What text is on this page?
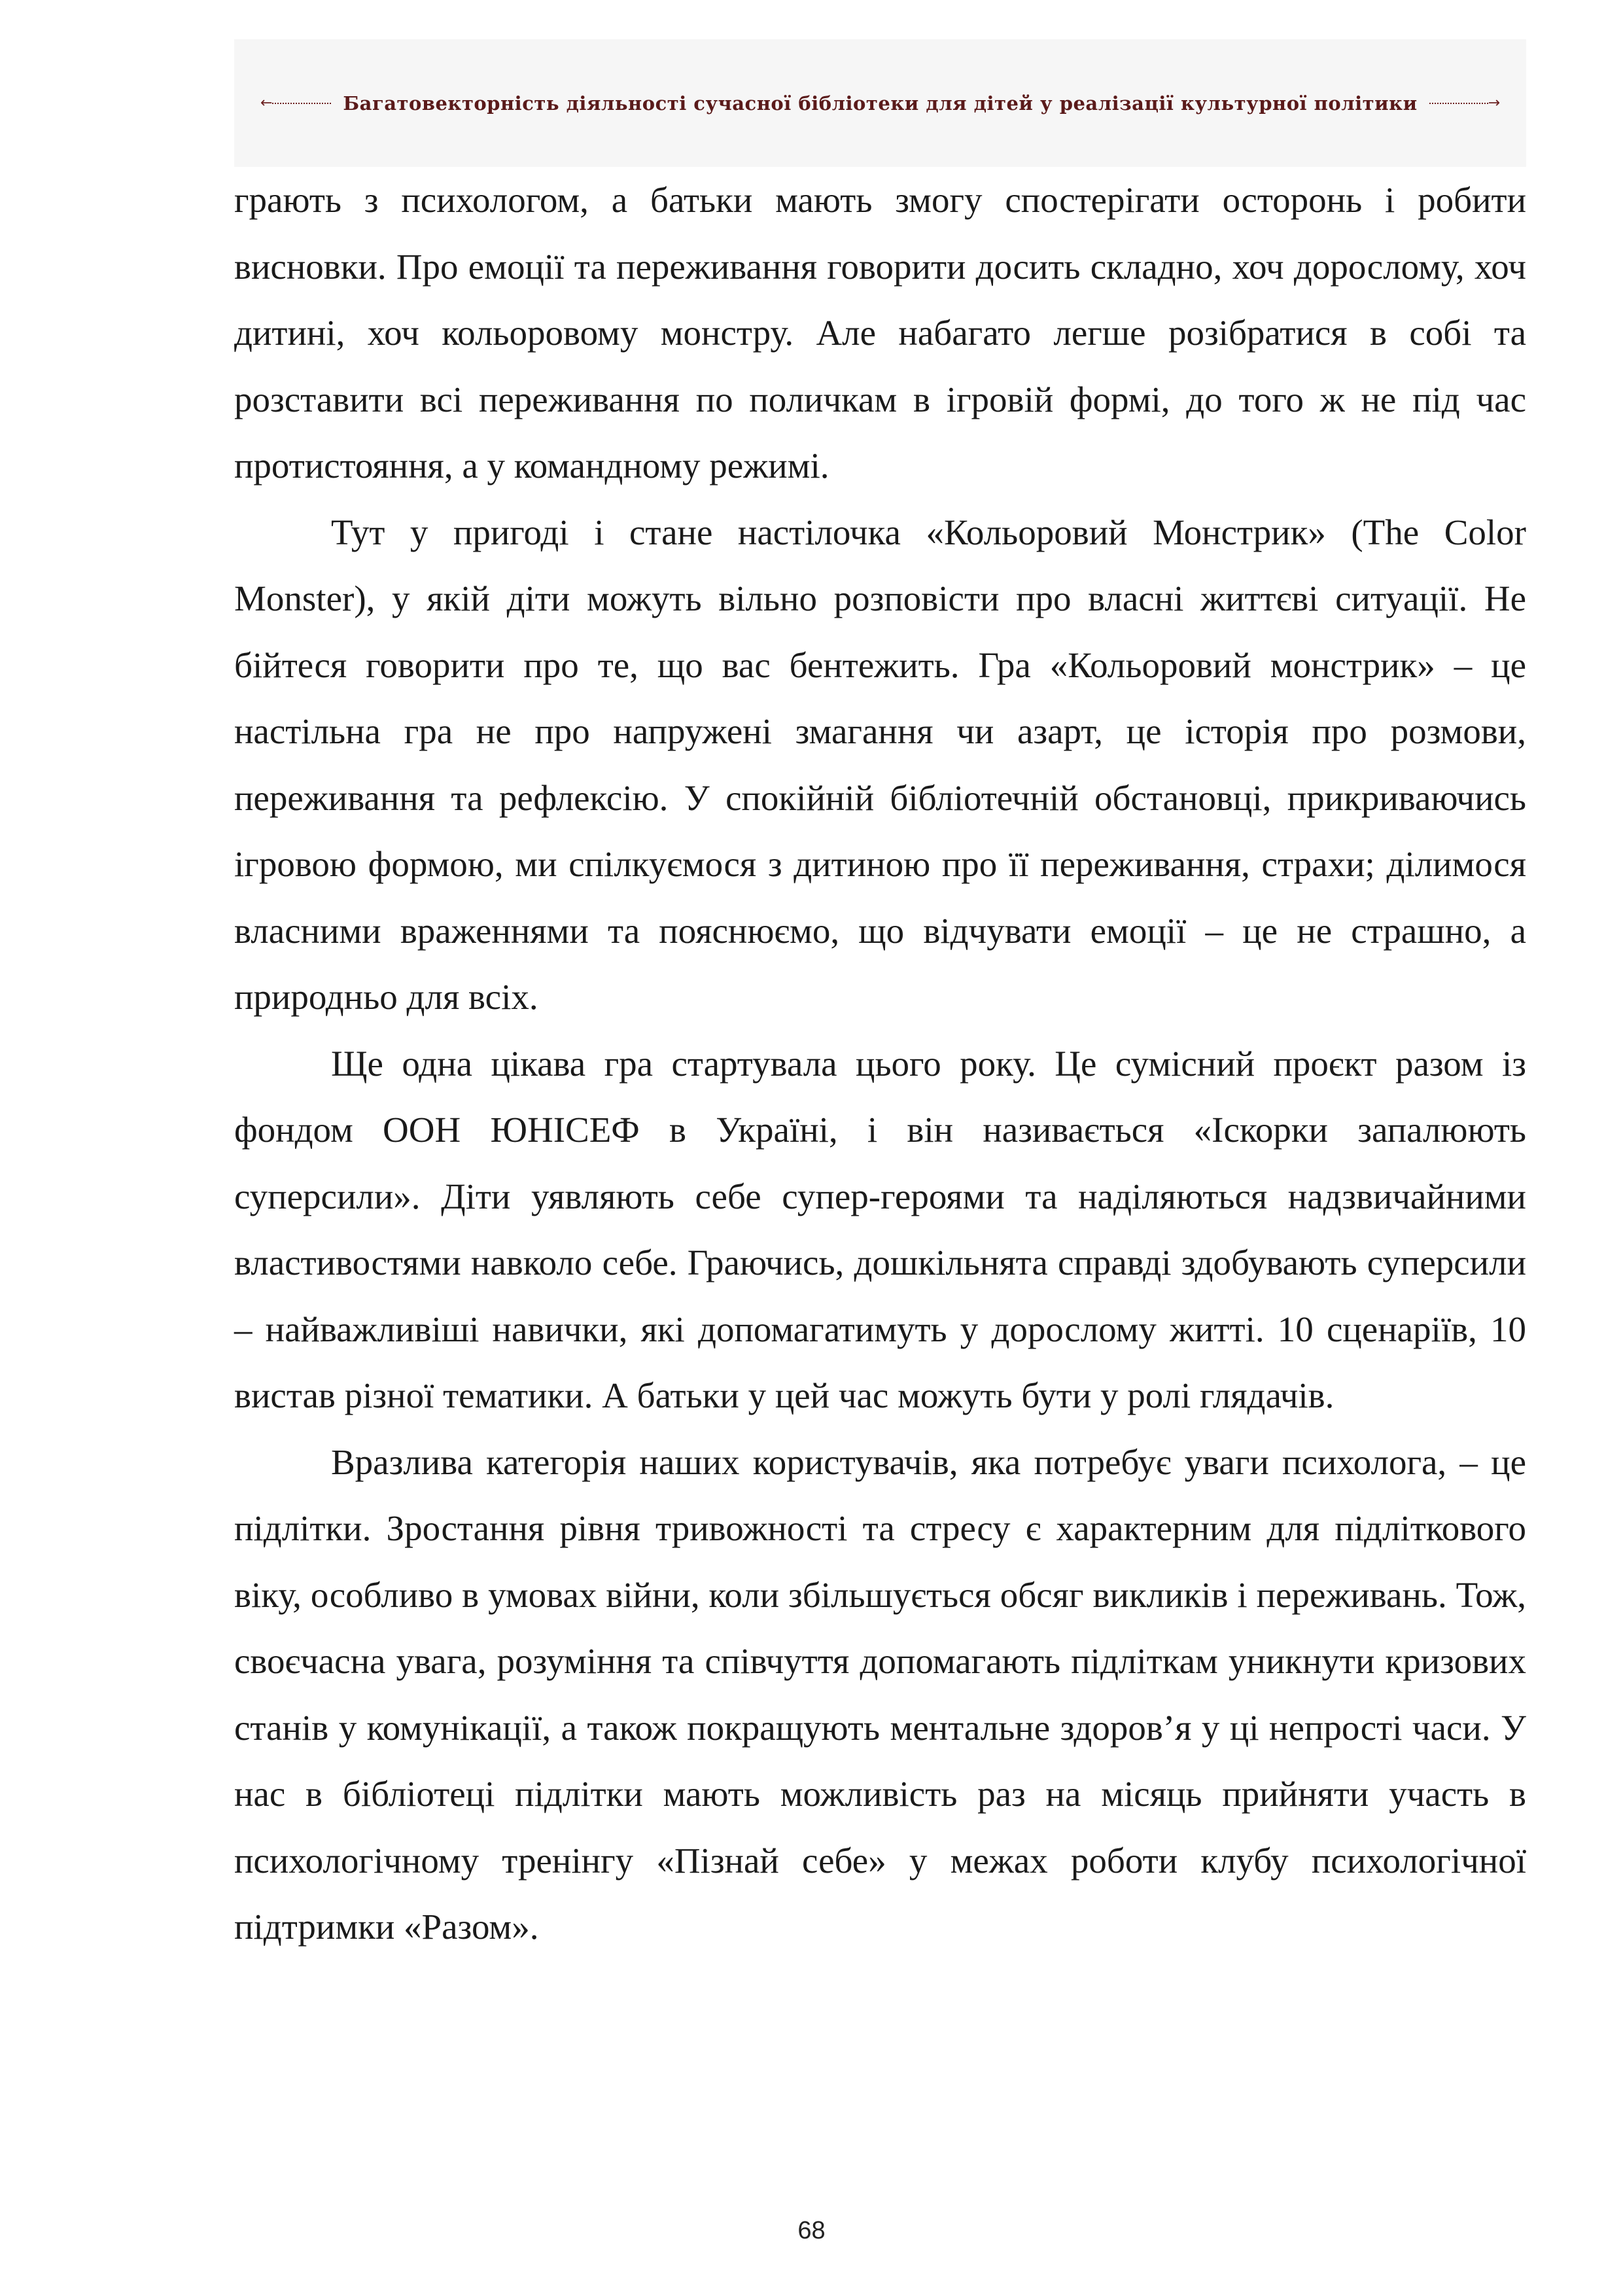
←	Багатовекторність діяльності сучасної бібліотеки для дітей у реалізації культурної політики	→

грають з психологом, а батьки мають змогу спостерігати осторонь і робити висновки. Про емоції та переживання говорити досить складно, хоч дорослому, хоч дитині, хоч кольоровому монстру. Але набагато легше розібратися в собі та розставити всі переживання по поличкам в ігровій формі, до того ж не під час протистояння, а у командному режимі.

Тут у пригоді і стане настілочка «Кольоровий Монстрик» (The Color Monster), у якій діти можуть вільно розповісти про власні життєві ситуації. Не бійтеся говорити про те, що вас бентежить. Гра «Кольоровий монстрик» – це настільна гра не про напружені змагання чи азарт, це історія про розмови, переживання та рефлексію. У спокійній бібліотечній обстановці, прикриваючись ігровою формою, ми спілкуємося з дитиною про її переживання, страхи; ділимося власними враженнями та пояснюємо, що відчувати емоції – це не страшно, а природньо для всіх.

Ще одна цікава гра стартувала цього року. Це сумісний проєкт разом із фондом ООН ЮНІСЕФ в Україні, і він називається «Іскорки запалюють суперсили». Діти уявляють себе супер-героями та наділяються надзвичайними властивостями навколо себе. Граючись, дошкільнята справді здобувають суперсили – найважливіші навички, які допомагатимуть у дорослому житті. 10 сценаріїв, 10 вистав різної тематики. А батьки у цей час можуть бути у ролі глядачів.

Вразлива категорія наших користувачів, яка потребує уваги психолога, – це підлітки. Зростання рівня тривожності та стресу є характерним для підліткового віку, особливо в умовах війни, коли збільшується обсяг викликів і переживань. Тож, своєчасна увага, розуміння та співчуття допомагають підліткам уникнути кризових станів у комунікації, а також покращують ментальне здоров’я у ці непрості часи. У нас в бібліотеці підлітки мають можливість раз на місяць прийняти участь в психологічному тренінгу «Пізнай себе» у межах роботи клубу психологічної підтримки «Разом».

68
